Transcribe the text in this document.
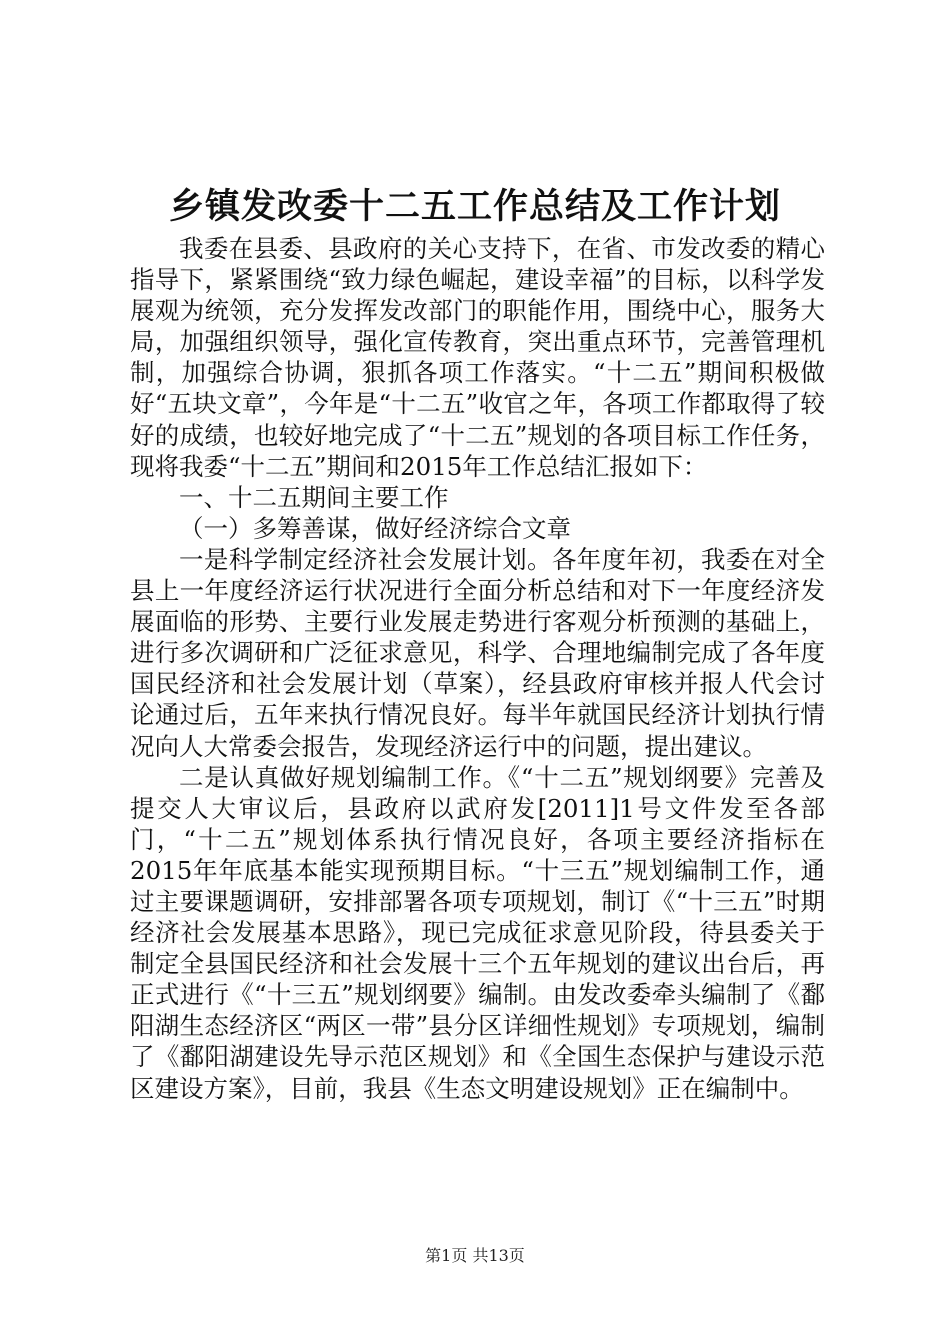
乡镇发改委十二五工作总结及工作计划

我委在县委、县政府的关心支持下，在省、市发改委的精心指导下，紧紧围绕“致力绿色崛起，建设幸福”的目标，以科学发展观为统领，充分发挥发改部门的职能作用，围绕中心，服务大局，加强组织领导，强化宣传教育，突出重点环节，完善管理机制，加强综合协调，狠抓各项工作落实。“十二五”期间积极做好“五块文章”，今年是“十二五”收官之年，各项工作都取得了较好的成绩，也较好地完成了“十二五”规划的各项目标工作任务，现将我委“十二五”期间和2015年工作总结汇报如下：

一、十二五期间主要工作

（一）多筹善谋，做好经济综合文章

一是科学制定经济社会发展计划。各年度年初，我委在对全县上一年度经济运行状况进行全面分析总结和对下一年度经济发展面临的形势、主要行业发展走势进行客观分析预测的基础上，进行多次调研和广泛征求意见，科学、合理地编制完成了各年度国民经济和社会发展计划（草案），经县政府审核并报人代会讨论通过后，五年来执行情况良好。每半年就国民经济计划执行情况向人大常委会报告，发现经济运行中的问题，提出建议。

二是认真做好规划编制工作。《“十二五”规划纲要》完善及提交人大审议后，县政府以武府发[2011]1号文件发至各部门，“十二五”规划体系执行情况良好，各项主要经济指标在2015年年底基本能实现预期目标。“十三五”规划编制工作，通过主要课题调研，安排部署各项专项规划，制订《“十三五”时期经济社会发展基本思路》，现已完成征求意见阶段，待县委关于制定全县国民经济和社会发展十三个五年规划的建议出台后，再正式进行《“十三五”规划纲要》编制。由发改委牵头编制了《鄱阳湖生态经济区“两区一带”县分区详细性规划》专项规划，编制了《鄱阳湖建设先导示范区规划》和《全国生态保护与建设示范区建设方案》，目前，我县《生态文明建设规划》正在编制中。

第1页 共13页
